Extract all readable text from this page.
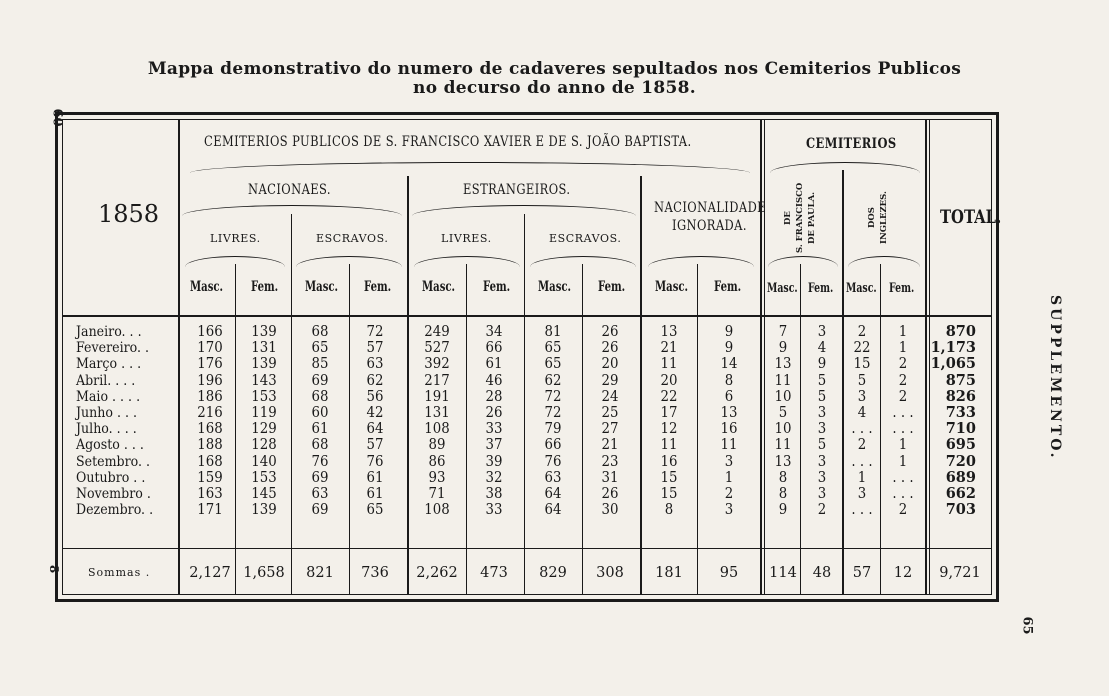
Mappa demonstrativo do numero de cadaveres sepultados nos Cemiterios Publicos
no decurso do anno de 1858.
60
8
65
SUPPLEMENTO.
1858
CEMITERIOS PUBLICOS DE S. FRANCISCO XAVIER E DE S. JOÃO BAPTISTA.
NACIONAES.	ESTRANGEIROS.
LIVRES.	ESCRAVOS.	LIVRES.	ESCRAVOS.
NACIONALIDADE
IGNORADA.
CEMITERIOS
DE S. FRANCISCO DE PAULA.	DOS INGLEZES.	TOTAL.
Masc. Fem. Masc. Fem. Masc. Fem. Masc. Fem. Masc. Fem. Masc. Fem. Masc. Fem.
Janeiro. . .	166	139	68	72	249	34	81	26	13	9	7	3	2	1	870
Fevereiro. .	170	131	65	57	527	66	65	26	21	9	9	4	22	1	1,173
Março . . .	176	139	85	63	392	61	65	20	11	14	13	9	15	2	1,065
Abril. . . .	196	143	69	62	217	46	62	29	20	8	11	5	5	2	875
Maio . . . .	186	153	68	56	191	28	72	24	22	6	10	5	3	2	826
Junho . . .	216	119	60	42	131	26	72	25	17	13	5	3	4	. . .	733
Julho. . . .	168	129	61	64	108	33	79	27	12	16	10	3	. . .	. . .	710
Agosto . . .	188	128	68	57	89	37	66	21	11	11	11	5	2	1	695
Setembro. .	168	140	76	76	86	39	76	23	16	3	13	3	. . .	1	720
Outubro . .	159	153	69	61	93	32	63	31	15	1	8	3	1	. . .	689
Novembro .	163	145	63	61	71	38	64	26	15	2	8	3	3	. . .	662
Dezembro. .	171	139	69	65	108	33	64	30	8	3	9	2	. . .	2	703
Sommas .	2,127 1,658	821	736	2,262	473	829	308	181	95	114	48	57	12	9,721
